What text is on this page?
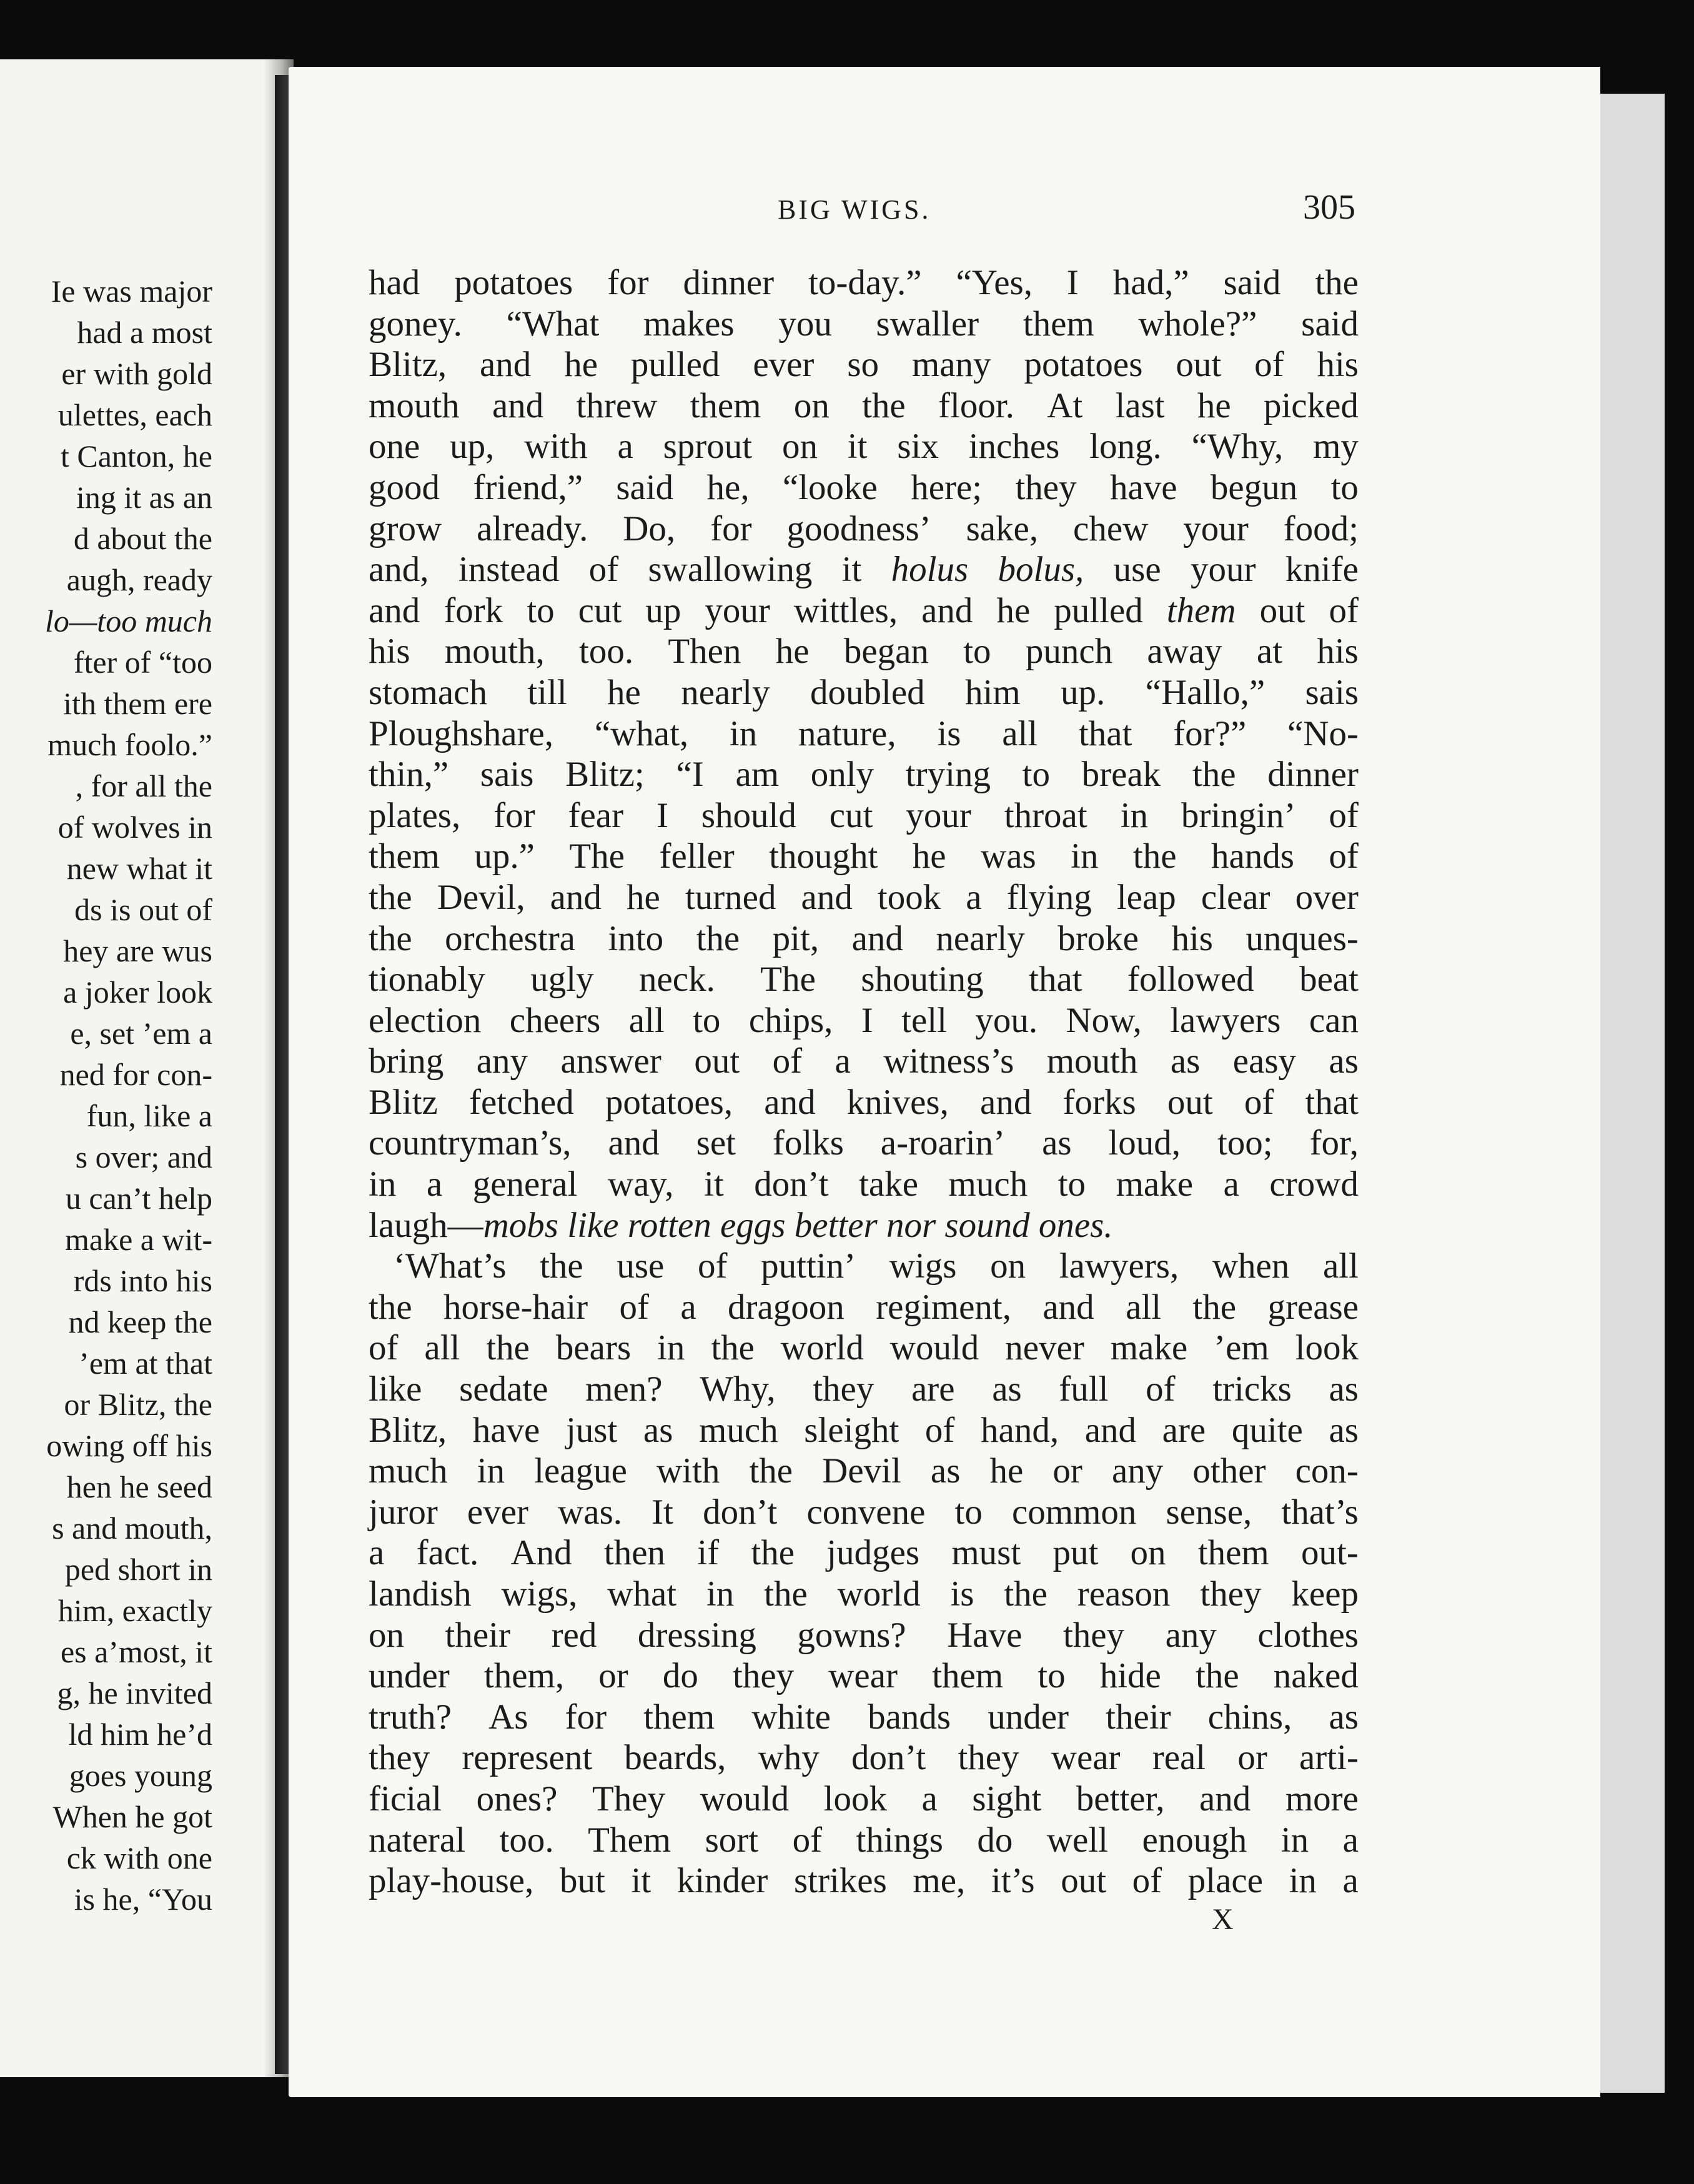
Ie was major
had a most
er with gold
ulettes, each
t Canton, he
ing it as an
d about the
augh, ready
lo—too much
fter of “too
ith them ere
much foolo.”
, for all the
of wolves in
new what it
ds is out of
hey are wus
a joker look
e, set ’em a
ned for con-
fun, like a
s over; and
u can’t help
make a wit-
rds into his
nd keep the
’em at that
or Blitz, the
owing off his
hen he seed
s and mouth,
ped short in
him, exactly
es a’most, it
g, he invited
ld him he’d
goes young
When he got
ck with one
is he, “You
BIG WIGS.	305
had potatoes for dinner to-day.” “Yes, I had,” said the
goney. “What makes you swaller them whole?” said
Blitz, and he pulled ever so many potatoes out of his
mouth and threw them on the floor. At last he picked
one up, with a sprout on it six inches long. “Why, my
good friend,” said he, “looke here; they have begun to
grow already. Do, for goodness’ sake, chew your food;
and, instead of swallowing it holus bolus, use your knife
and fork to cut up your wittles, and he pulled them out of
his mouth, too. Then he began to punch away at his
stomach till he nearly doubled him up. “Hallo,” sais
Ploughshare, “what, in nature, is all that for?” “No-
thin,” sais Blitz; “I am only trying to break the dinner
plates, for fear I should cut your throat in bringin’ of
them up.” The feller thought he was in the hands of
the Devil, and he turned and took a flying leap clear over
the orchestra into the pit, and nearly broke his unques-
tionably ugly neck. The shouting that followed beat
election cheers all to chips, I tell you. Now, lawyers can
bring any answer out of a witness’s mouth as easy as
Blitz fetched potatoes, and knives, and forks out of that
countryman’s, and set folks a-roarin’ as loud, too; for,
in a general way, it don’t take much to make a crowd
laugh— mobs like rotten eggs better nor sound ones.
‘What’s the use of puttin’ wigs on lawyers, when all
the horse-hair of a dragoon regiment, and all the grease
of all the bears in the world would never make ’em look
like sedate men? Why, they are as full of tricks as
Blitz, have just as much sleight of hand, and are quite as
much in league with the Devil as he or any other con-
juror ever was. It don’t convene to common sense, that’s
a fact. And then if the judges must put on them out-
landish wigs, what in the world is the reason they keep
on their red dressing gowns? Have they any clothes
under them, or do they wear them to hide the naked
truth? As for them white bands under their chins, as
they represent beards, why don’t they wear real or arti-
ficial ones? They would look a sight better, and more
nateral too. Them sort of things do well enough in a
play-house, but it kinder strikes me, it’s out of place in a
X
